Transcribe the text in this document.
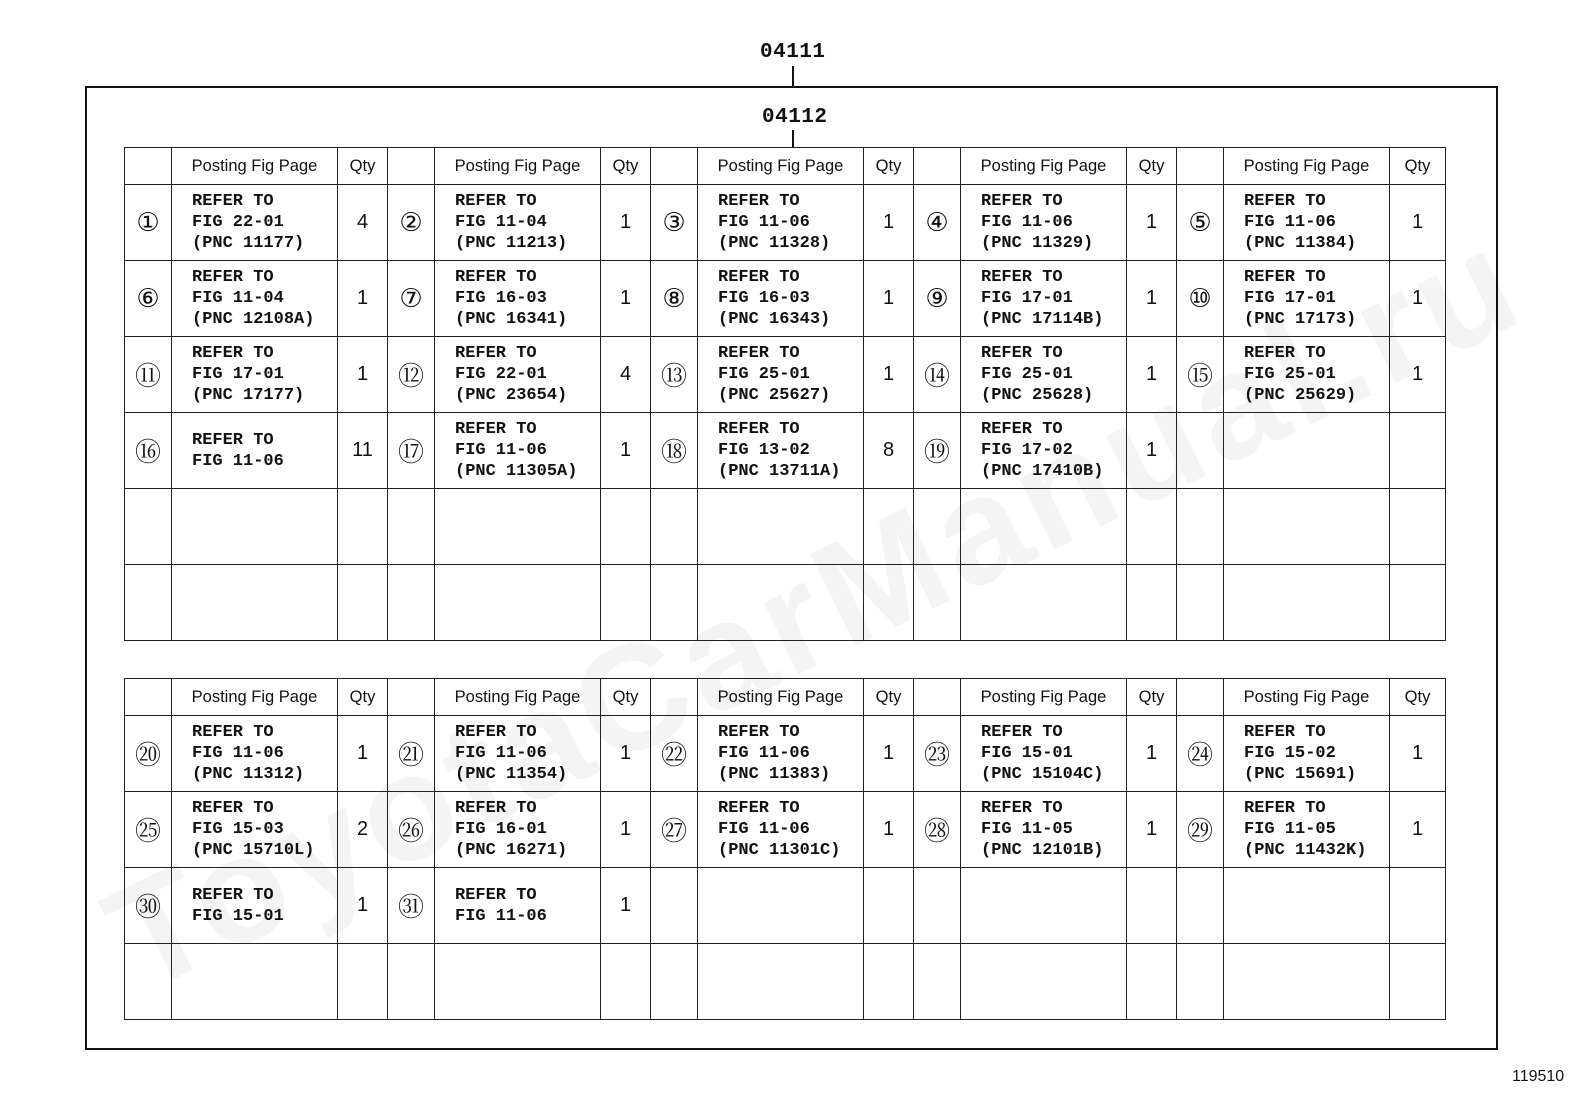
04111
04112
	Posting Fig Page	Qty		Posting Fig Page	Qty		Posting Fig Page	Qty		Posting Fig Page	Qty		Posting Fig Page	Qty
①	REFER TO
FIG 22-01
(PNC 11177)	4	②	REFER TO
FIG 11-04
(PNC 11213)	1	③	REFER TO
FIG 11-06
(PNC 11328)	1	④	REFER TO
FIG 11-06
(PNC 11329)	1	⑤	REFER TO
FIG 11-06
(PNC 11384)	1
⑥	REFER TO
FIG 11-04
(PNC 12108A)	1	⑦	REFER TO
FIG 16-03
(PNC 16341)	1	⑧	REFER TO
FIG 16-03
(PNC 16343)	1	⑨	REFER TO
FIG 17-01
(PNC 17114B)	1	⑩	REFER TO
FIG 17-01
(PNC 17173)	1
⑪	REFER TO
FIG 17-01
(PNC 17177)	1	⑫	REFER TO
FIG 22-01
(PNC 23654)	4	⑬	REFER TO
FIG 25-01
(PNC 25627)	1	⑭	REFER TO
FIG 25-01
(PNC 25628)	1	⑮	REFER TO
FIG 25-01
(PNC 25629)	1
⑯	REFER TO
FIG 11-06	11	⑰	REFER TO
FIG 11-06
(PNC 11305A)	1	⑱	REFER TO
FIG 13-02
(PNC 13711A)	8	⑲	REFER TO
FIG 17-02
(PNC 17410B)	1			

	Posting Fig Page	Qty		Posting Fig Page	Qty		Posting Fig Page	Qty		Posting Fig Page	Qty		Posting Fig Page	Qty
⑳	REFER TO
FIG 11-06
(PNC 11312)	1	㉑	REFER TO
FIG 11-06
(PNC 11354)	1	㉒	REFER TO
FIG 11-06
(PNC 11383)	1	㉓	REFER TO
FIG 15-01
(PNC 15104C)	1	㉔	REFER TO
FIG 15-02
(PNC 15691)	1
㉕	REFER TO
FIG 15-03
(PNC 15710L)	2	㉖	REFER TO
FIG 16-01
(PNC 16271)	1	㉗	REFER TO
FIG 11-06
(PNC 11301C)	1	㉘	REFER TO
FIG 11-05
(PNC 12101B)	1	㉙	REFER TO
FIG 11-05
(PNC 11432K)	1
㉚	REFER TO
FIG 15-01	1	㉛	REFER TO
FIG 11-06	1									

119510
